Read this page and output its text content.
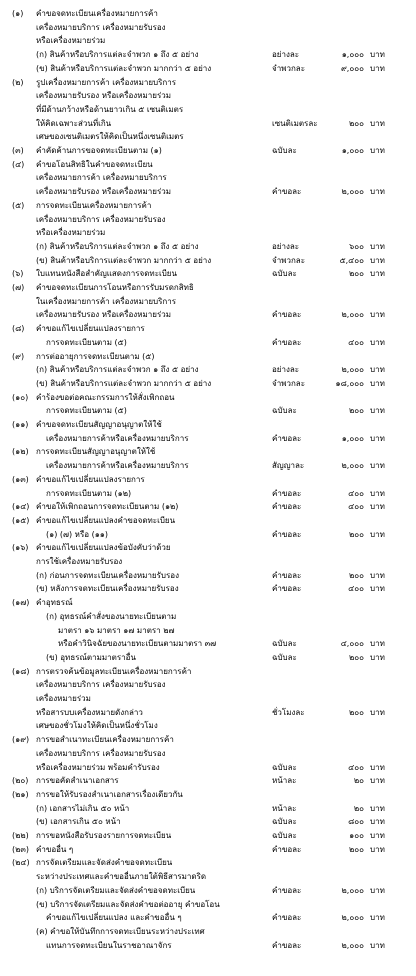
(๑)	คำขอจดทะเบียนเครื่องหมายการค้า
เครื่องหมายบริการ เครื่องหมายรับรอง
หรือเครื่องหมายร่วม
(ก) สินค้าหรือบริการแต่ละจำพวก ๑ ถึง ๕ อย่าง	อย่างละ	๑,๐๐๐ บาท
(ข) สินค้าหรือบริการแต่ละจำพวก มากกว่า ๕ อย่าง	จำพวกละ	๙,๐๐๐ บาท
(๒)	รูปเครื่องหมายการค้า เครื่องหมายบริการ
เครื่องหมายรับรอง หรือเครื่องหมายร่วม
ที่มีด้านกว้างหรือด้านยาวเกิน ๕ เซนติเมตร
ให้คิดเฉพาะส่วนที่เกิน	เซนติเมตรละ	๒๐๐ บาท
เศษของเซนติเมตรให้คิดเป็นหนึ่งเซนติเมตร
(๓)	คำคัดค้านการขอจดทะเบียนตาม (๑)	ฉบับละ	๑,๐๐๐ บาท
(๔)	คำขอโอนสิทธิในคำขอจดทะเบียน
เครื่องหมายการค้า เครื่องหมายบริการ
เครื่องหมายรับรอง หรือเครื่องหมายร่วม	คำขอละ	๒,๐๐๐ บาท
(๕)	การจดทะเบียนเครื่องหมายการค้า
เครื่องหมายบริการ เครื่องหมายรับรอง
หรือเครื่องหมายร่วม
(ก) สินค้าหรือบริการแต่ละจำพวก ๑ ถึง ๕ อย่าง	อย่างละ	๖๐๐ บาท
(ข) สินค้าหรือบริการแต่ละจำพวก มากกว่า ๕ อย่าง	จำพวกละ	๕,๔๐๐ บาท
(๖)	ใบแทนหนังสือสำคัญแสดงการจดทะเบียน	ฉบับละ	๒๐๐ บาท
(๗)	คำขอจดทะเบียนการโอนหรือการรับมรดกสิทธิ
ในเครื่องหมายการค้า เครื่องหมายบริการ
เครื่องหมายรับรอง หรือเครื่องหมายร่วม	คำขอละ	๒,๐๐๐ บาท
(๘)	คำขอแก้ไขเปลี่ยนแปลงรายการ
การจดทะเบียนตาม (๕)	คำขอละ	๔๐๐ บาท
(๙)	การต่ออายุการจดทะเบียนตาม (๕)
(ก) สินค้าหรือบริการแต่ละจำพวก ๑ ถึง ๕ อย่าง	อย่างละ	๒,๐๐๐ บาท
(ข) สินค้าหรือบริการแต่ละจำพวก มากกว่า ๕ อย่าง	จำพวกละ	๑๘,๐๐๐ บาท
(๑๐) คำร้องขอต่อคณะกรรมการให้สั่งเพิกถอน
การจดทะเบียนตาม (๕)	ฉบับละ	๒๐๐ บาท
(๑๑) คำขอจดทะเบียนสัญญาอนุญาตให้ใช้
เครื่องหมายการค้าหรือเครื่องหมายบริการ	คำขอละ	๑,๐๐๐ บาท
(๑๒) การจดทะเบียนสัญญาอนุญาตให้ใช้
เครื่องหมายการค้าหรือเครื่องหมายบริการ	สัญญาละ	๒,๐๐๐ บาท
(๑๓) คำขอแก้ไขเปลี่ยนแปลงรายการ
การจดทะเบียนตาม (๑๒)	คำขอละ	๔๐๐ บาท
(๑๔) คำขอให้เพิกถอนการจดทะเบียนตาม (๑๒)	คำขอละ	๔๐๐ บาท
(๑๕) คำขอแก้ไขเปลี่ยนแปลงคำขอจดทะเบียน
(๑) (๗) หรือ (๑๑)	คำขอละ	๒๐๐ บาท
(๑๖) คำขอแก้ไขเปลี่ยนแปลงข้อบังคับว่าด้วย
การใช้เครื่องหมายรับรอง
(ก) ก่อนการจดทะเบียนเครื่องหมายรับรอง	คำขอละ	๒๐๐ บาท
(ข) หลังการจดทะเบียนเครื่องหมายรับรอง	คำขอละ	๔๐๐ บาท
(๑๗) คำอุทธรณ์
(ก) อุทธรณ์คำสั่งของนายทะเบียนตาม
มาตรา ๑๖ มาตรา ๑๗ มาตรา ๒๗
หรือคำวินิจฉัยของนายทะเบียนตามมาตรา ๓๗	ฉบับละ	๔,๐๐๐ บาท
(ข) อุทธรณ์ตามมาตราอื่น	ฉบับละ	๒๐๐ บาท
(๑๘) การตรวจค้นข้อมูลทะเบียนเครื่องหมายการค้า
เครื่องหมายบริการ เครื่องหมายรับรอง
เครื่องหมายร่วม
หรือสารบบเครื่องหมายดังกล่าว	ชั่วโมงละ	๒๐๐ บาท
เศษของชั่วโมงให้คิดเป็นหนึ่งชั่วโมง
(๑๙) การขอสำเนาทะเบียนเครื่องหมายการค้า
เครื่องหมายบริการ เครื่องหมายรับรอง
หรือเครื่องหมายร่วม พร้อมคำรับรอง	ฉบับละ	๔๐๐ บาท
(๒๐) การขอคัดสำเนาเอกสาร	หน้าละ	๒๐ บาท
(๒๑) การขอให้รับรองสำเนาเอกสารเรื่องเดียวกัน
(ก) เอกสารไม่เกิน ๕๐ หน้า	หน้าละ	๒๐ บาท
(ข) เอกสารเกิน ๕๐ หน้า	ฉบับละ	๘๐๐ บาท
(๒๒) การขอหนังสือรับรองรายการจดทะเบียน	ฉบับละ	๑๐๐ บาท
(๒๓) คำขออื่น ๆ	คำขอละ	๒๐๐ บาท
(๒๔) การจัดเตรียมและจัดส่งคำขอจดทะเบียน
ระหว่างประเทศและคำขออื่นภายใต้พิธีสารมาดริด
(ก) บริการจัดเตรียมและจัดส่งคำขอจดทะเบียน	คำขอละ	๒,๐๐๐ บาท
(ข) บริการจัดเตรียมและจัดส่งคำขอต่ออายุ คำขอโอน
คำขอแก้ไขเปลี่ยนแปลง และคำขออื่น ๆ	คำขอละ	๒,๐๐๐ บาท
(ค) คำขอให้บันทึกการจดทะเบียนระหว่างประเทศ
แทนการจดทะเบียนในราชอาณาจักร	คำขอละ	๒,๐๐๐ บาท
